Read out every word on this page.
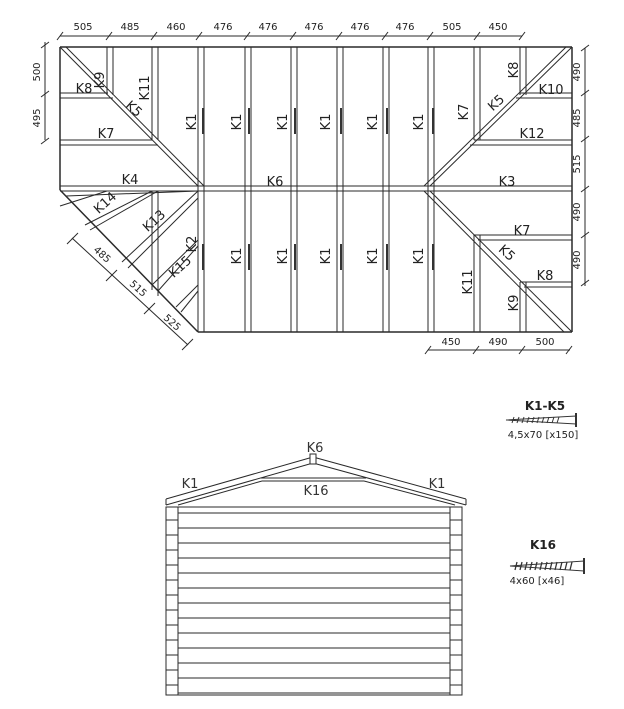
505	485	460	476	476	476	476	476	505	450
500
495
490
485
515
490
490
485
515
525
450	490	500
K9
K8	K11
K5
K7
K4
K14
K13
K2
K15
K6
K1 K1 K1 K1 K1 K1
K1 K1 K1 K1 K1
K8
K10
K7 K5
K12
K3
K7
K5
K8
K11
K9
K6
K1	K16	K1
K1-K5
4,5x70 [x150]
K16
4x60 [x46]
